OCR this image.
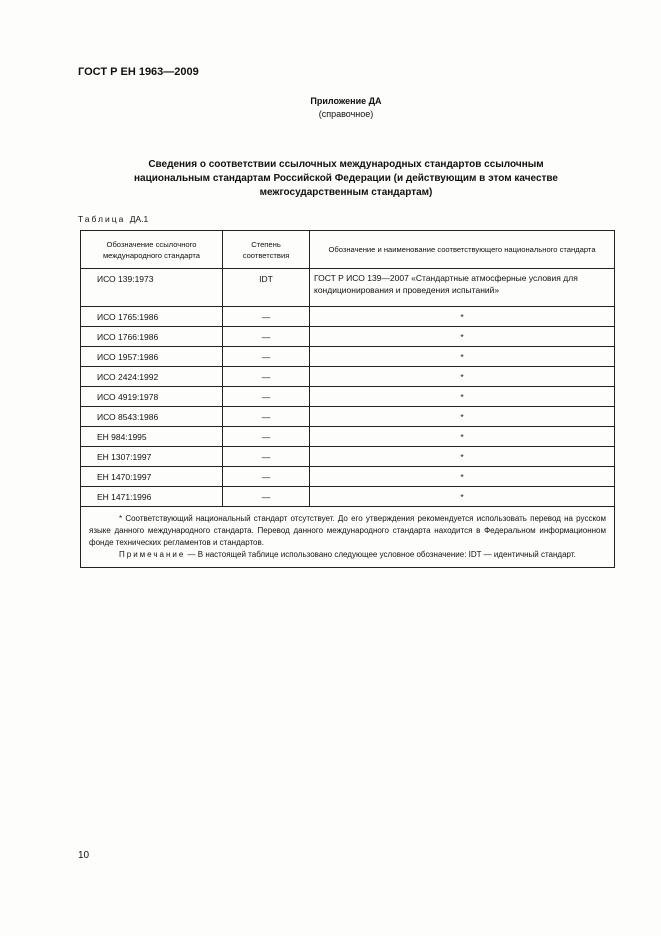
ГОСТ Р ЕН 1963—2009
Приложение ДА
(справочное)
Сведения о соответствии ссылочных международных стандартов ссылочным
национальным стандартам Российской Федерации (и действующим в этом качестве
межгосударственным стандартам)
Таблица ДА.1
Обозначение ссылочного международного стандарта	Степень соответствия	Обозначение и наименование соответствующего национального стандарта
ИСО 139:1973	IDT	ГОСТ Р ИСО 139—2007 «Стандартные атмосферные условия для кондиционирования и проведения испытаний»
ИСО 1765:1986	—	*
ИСО 1766:1986	—	*
ИСО 1957:1986	—	*
ИСО 2424:1992	—	*
ИСО 4919:1978	—	*
ИСО 8543:1986	—	*
ЕН 984:1995	—	*
ЕН 1307:1997	—	*
ЕН 1470:1997	—	*
ЕН 1471:1996	—	*

* Соответствующий национальный стандарт отсутствует. До его утверждения рекомендуется использовать перевод на русском языке данного международного стандарта. Перевод данного международного стандарта находится в Федеральном информационном фонде технических регламентов и стандартов.

Примечание — В настоящей таблице использовано следующее условное обозначение: IDT — идентичный стандарт.		

10
